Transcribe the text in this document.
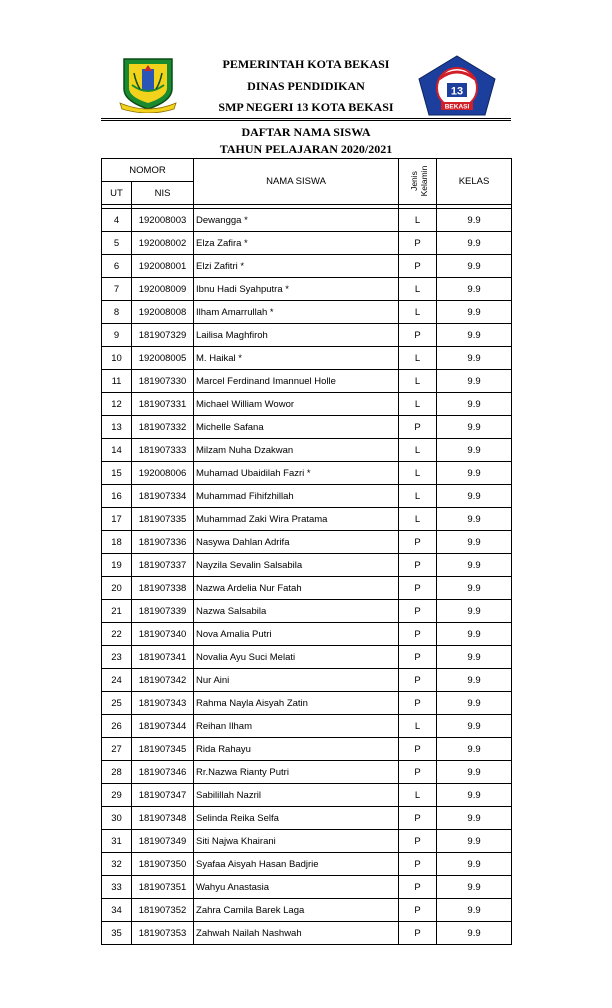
13
BEKASI
PEMERINTAH KOTA BEKASI
DINAS PENDIDIKAN
SMP NEGERI 13 KOTA BEKASI
DAFTAR NAMA SISWA
TAHUN PELAJARAN 2020/2021
NOMOR		NAMA SISWA	Jenis Kelamin	KELAS
UT	NIS			

4	192008003	Dewangga *	L	9.9
5	192008002	Elza Zafira *	P	9.9
6	192008001	Elzi Zafitri *	P	9.9
7	192008009	Ibnu Hadi Syahputra *	L	9.9
8	192008008	Ilham Amarrullah *	L	9.9
9	181907329	Lailisa Maghfiroh	P	9.9
10	192008005	M. Haikal *	L	9.9
11	181907330	Marcel Ferdinand Imannuel Holle	L	9.9
12	181907331	Michael William Wowor	L	9.9
13	181907332	Michelle Safana	P	9.9
14	181907333	Milzam Nuha Dzakwan	L	9.9
15	192008006	Muhamad Ubaidilah Fazri *	L	9.9
16	181907334	Muhammad Fihifzhillah	L	9.9
17	181907335	Muhammad Zaki Wira Pratama	L	9.9
18	181907336	Nasywa Dahlan Adrifa	P	9.9
19	181907337	Nayzila Sevalin Salsabila	P	9.9
20	181907338	Nazwa Ardelia Nur Fatah	P	9.9
21	181907339	Nazwa Salsabila	P	9.9
22	181907340	Nova Amalia Putri	P	9.9
23	181907341	Novalia Ayu Suci Melati	P	9.9
24	181907342	Nur Aini	P	9.9
25	181907343	Rahma Nayla Aisyah Zatin	P	9.9
26	181907344	Reihan Ilham	L	9.9
27	181907345	Rida Rahayu	P	9.9
28	181907346	Rr.Nazwa Rianty Putri	P	9.9
29	181907347	Sabilillah Nazril	L	9.9
30	181907348	Selinda Reika Selfa	P	9.9
31	181907349	Siti Najwa Khairani	P	9.9
32	181907350	Syafaa Aisyah Hasan Badjrie	P	9.9
33	181907351	Wahyu Anastasia	P	9.9
34	181907352	Zahra Camila Barek Laga	P	9.9
35	181907353	Zahwah Nailah Nashwah	P	9.9
